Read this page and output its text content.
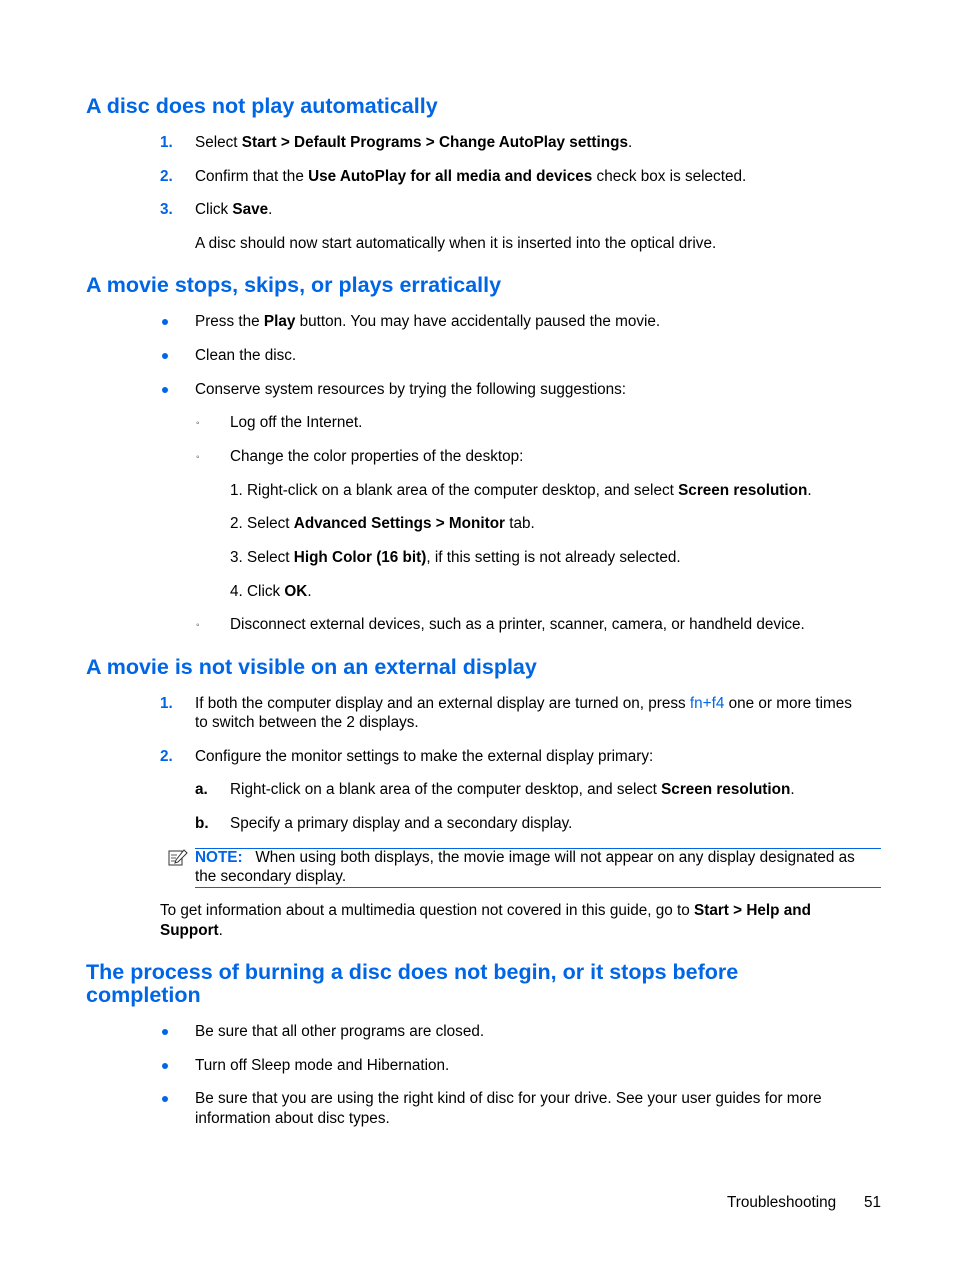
A disc does not play automatically
1. Select Start > Default Programs > Change AutoPlay settings.
2. Confirm that the Use AutoPlay for all media and devices check box is selected.
3. Click Save.
A disc should now start automatically when it is inserted into the optical drive.
A movie stops, skips, or plays erratically
Press the Play button. You may have accidentally paused the movie.
Clean the disc.
Conserve system resources by trying the following suggestions:
◦ Log off the Internet.
◦ Change the color properties of the desktop:
1. Right-click on a blank area of the computer desktop, and select Screen resolution.
2. Select Advanced Settings > Monitor tab.
3. Select High Color (16 bit), if this setting is not already selected.
4. Click OK.
◦ Disconnect external devices, such as a printer, scanner, camera, or handheld device.
A movie is not visible on an external display
1. If both the computer display and an external display are turned on, press fn+f4 one or more times
to switch between the 2 displays.
2. Configure the monitor settings to make the external display primary:
a. Right-click on a blank area of the computer desktop, and select Screen resolution.
b. Specify a primary display and a secondary display.
NOTE: When using both displays, the movie image will not appear on any display designated as
the secondary display.
To get information about a multimedia question not covered in this guide, go to Start > Help and
Support.
The process of burning a disc does not begin, or it stops before
completion
Be sure that all other programs are closed.
Turn off Sleep mode and Hibernation.
Be sure that you are using the right kind of disc for your drive. See your user guides for more
information about disc types.
Troubleshooting 51
